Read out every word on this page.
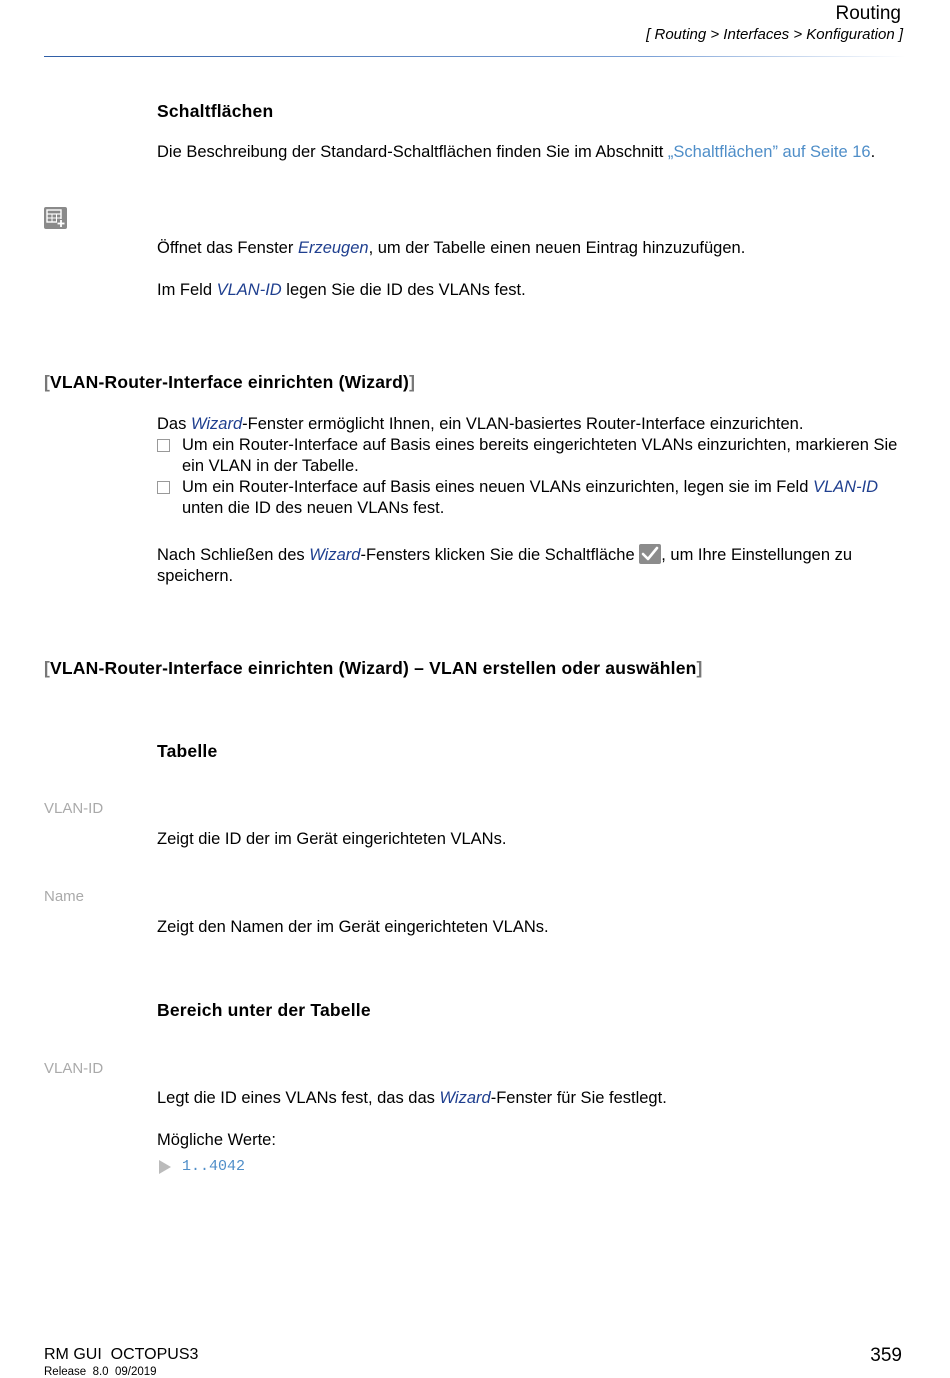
Routing
[ Routing > Interfaces > Konfiguration ]
Schaltflächen
Die Beschreibung der Standard-Schaltflächen finden Sie im Abschnitt „Schaltflächen” auf Seite 16.
Öffnet das Fenster Erzeugen, um der Tabelle einen neuen Eintrag hinzuzufügen.
Im Feld VLAN-ID legen Sie die ID des VLANs fest.
[VLAN-Router-Interface einrichten (Wizard)]
Das Wizard-Fenster ermöglicht Ihnen, ein VLAN-basiertes Router-Interface einzurichten.
Um ein Router-Interface auf Basis eines bereits eingerichteten VLANs einzurichten, markieren Sie ein VLAN in der Tabelle.
Um ein Router-Interface auf Basis eines neuen VLANs einzurichten, legen sie im Feld VLAN-ID unten die ID des neuen VLANs fest.
Nach Schließen des Wizard-Fensters klicken Sie die Schaltfläche , um Ihre Einstellungen zu speichern.
[VLAN-Router-Interface einrichten (Wizard) – VLAN erstellen oder auswählen]
Tabelle
VLAN-ID
Zeigt die ID der im Gerät eingerichteten VLANs.
Name
Zeigt den Namen der im Gerät eingerichteten VLANs.
Bereich unter der Tabelle
VLAN-ID
Legt die ID eines VLANs fest, das das Wizard-Fenster für Sie festlegt.
Mögliche Werte:
1..4042
RM GUI  OCTOPUS3
Release  8.0  09/2019
359
